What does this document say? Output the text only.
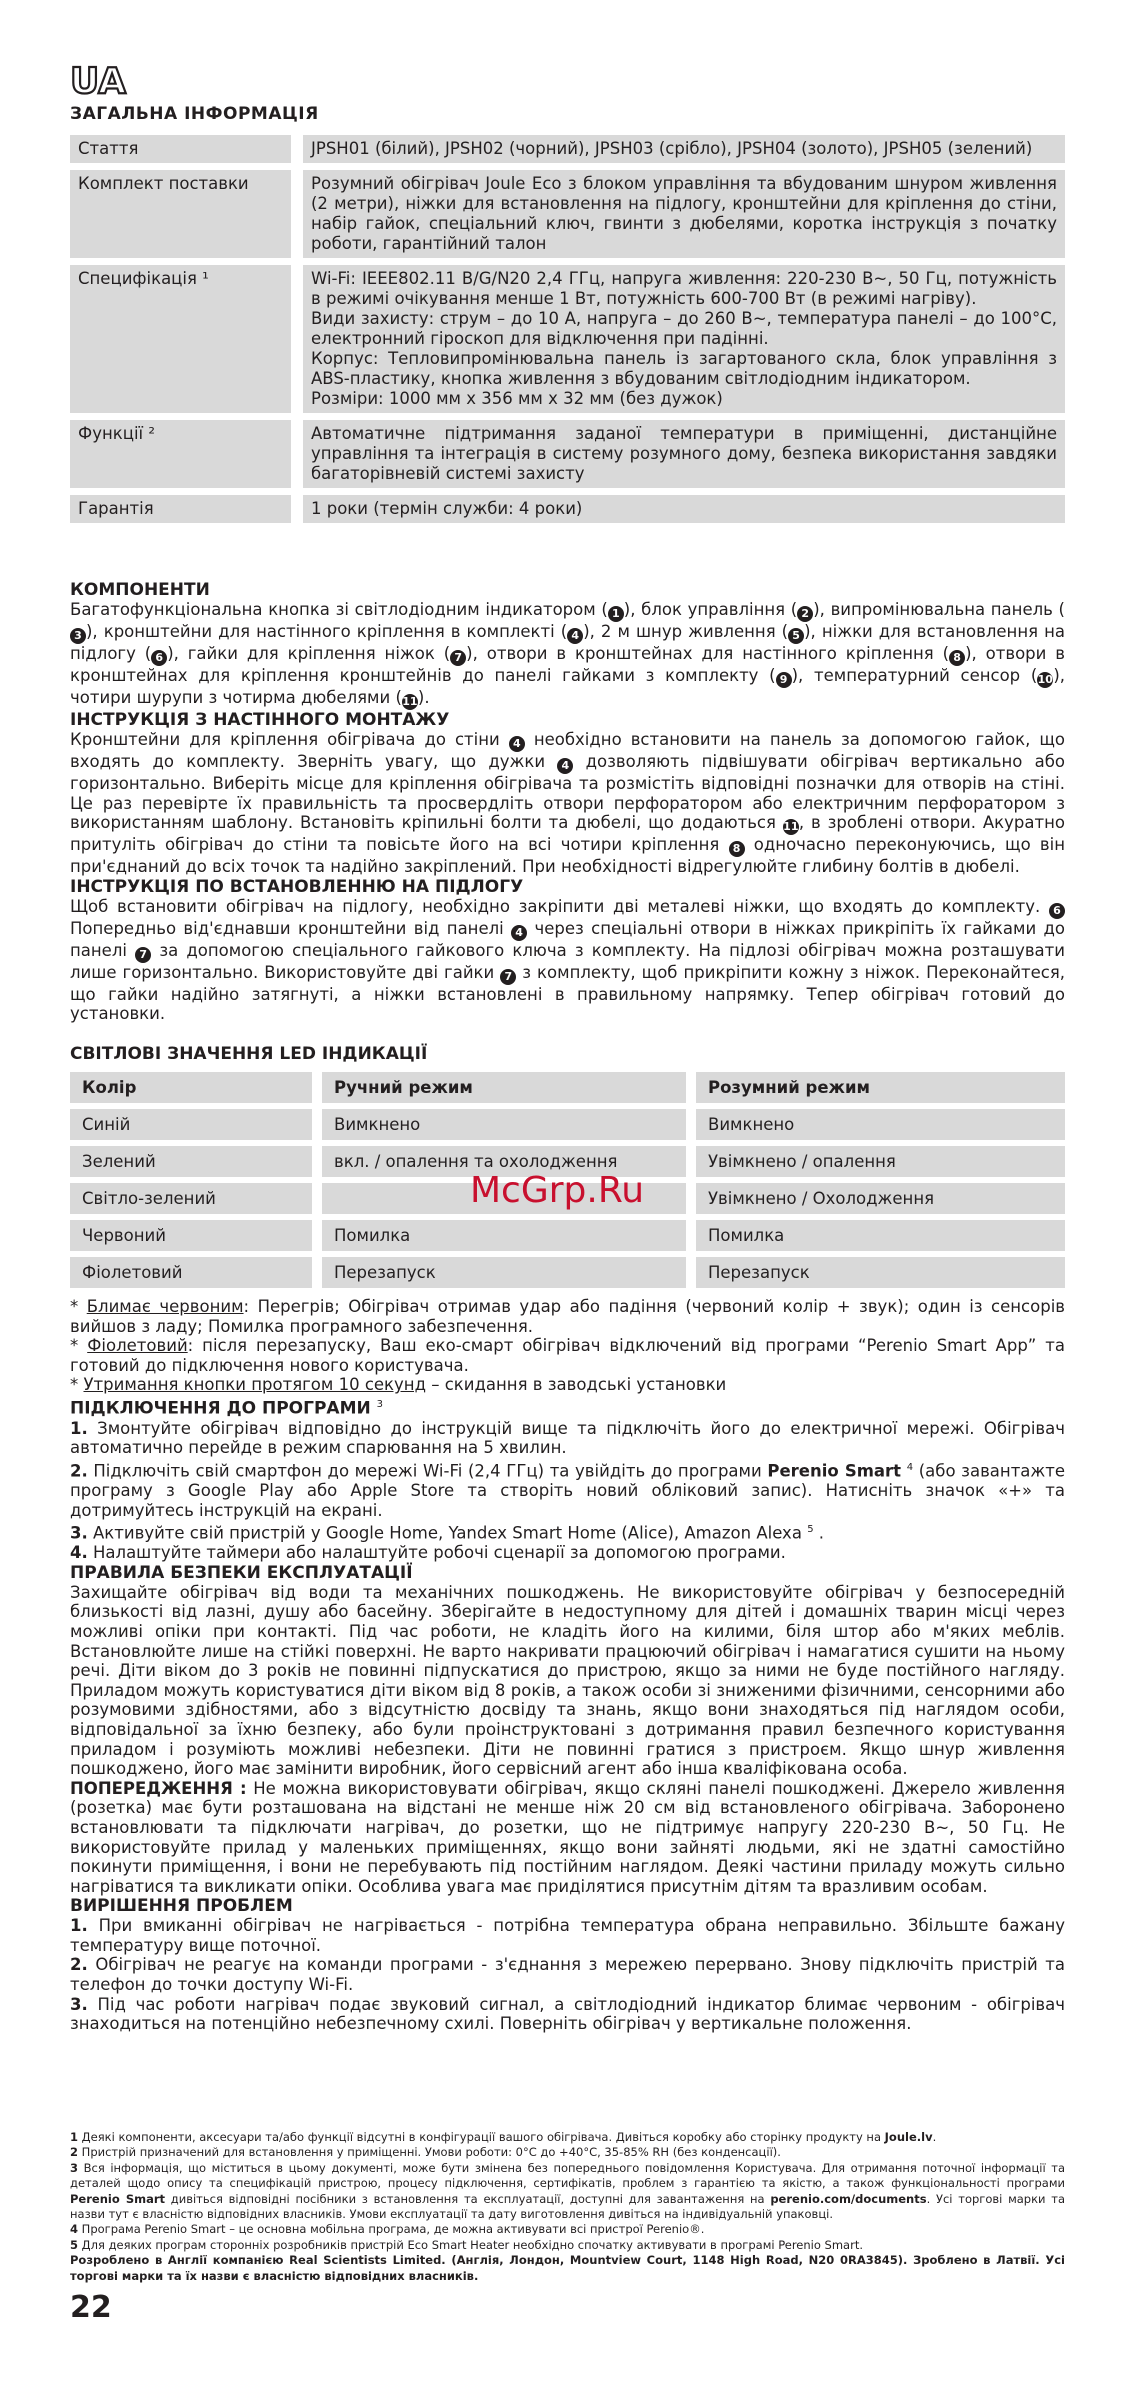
UA
ЗАГАЛЬНА ІНФОРМАЦІЯ
Стаття		JPSH01 (білий), JPSH02 (чорний), JPSH03 (срібло), JPSH04 (золото), JPSH05 (зелений)
Комплект поставки		Розумний обігрівач Joule Eco з блоком управління та вбудованим шнуром живлення (2 метри), ніжки для встановлення на підлогу, кронштейни для кріплення до стіни, набір гайок, спеціальний ключ, гвинти з дюбелями, коротка інструкція з початку роботи, гарантійний талон
Специфікація ¹		Wi-Fi: IEEE802.11 B/G/N20 2,4 ГГц, напруга живлення: 220-230 В~, 50 Гц, потужність в режимі очікування менше 1 Вт, потужність 600-700 Вт (в режимі нагріву).
Види захисту: струм – до 10 А, напруга – до 260 В~, температура панелі – до 100°С, електронний гіроскоп для відключення при падінні.
Корпус: Тепловипромінювальна панель із загартованого скла, блок управління з ABS-пластику, кнопка живлення з вбудованим світлодіодним індикатором.
Розміри: 1000 мм х 356 мм х 32 мм (без дужок)

Функції ²		Автоматичне підтримання заданої температури в приміщенні, дистанційне управління та інтеграція в систему розумного дому, безпека використання завдяки багаторівневій системі захисту
Гарантія		1 роки (термін служби: 4 роки)
КОМПОНЕНТИ

Багатофункціональна кнопка зі світлодіодним індикатором ( 1 ), блок управління ( 2 ), випромінювальна панель (3 ), кронштейни для настінного кріплення в комплекті ( 4 ), 2 м шнур живлення ( 5 ), ніжки для встановлення на підлогу ( 6 ), гайки для кріплення ніжок ( 7 ), отвори в кронштейнах для настінного кріплення ( 8 ), отвори в кронштейнах для кріплення кронштейнів до панелі гайками з комплекту ( 9 ), температурний сенсор (10), чотири шурупи з чотирма дюбелями (11).

ІНСТРУКЦІЯ З НАСТІННОГО МОНТАЖУ

Кронштейни для кріплення обігрівача до стіни 4 необхідно встановити на панель за допомогою гайок, що входять до комплекту. Зверніть увагу, що дужки 4 дозволяють підвішувати обігрівач вертикально або горизонтально. Виберіть місце для кріплення обігрівача та розмістіть відповідні позначки для отворів на стіні. Це раз перевірте їх правильність та просвердліть отвори перфоратором або електричним перфоратором з використанням шаблону. Встановіть кріпильні болти та дюбелі, що додаються 11, в зроблені отвори. Акуратно притуліть обігрівач до стіни та повісьте його на всі чотири кріплення 8 одночасно переконуючись, що він при'єднаний до всіх точок та надійно закріплений. При необхідності відрегулюйте глибину болтів в дюбелі.

ІНСТРУКЦІЯ ПО ВСТАНОВЛЕННЮ НА ПІДЛОГУ

Щоб встановити обігрівач на підлогу, необхідно закріпити дві металеві ніжки, що входять до комплекту. 6 Попередньо від'єднавши кронштейни від панелі 4 через спеціальні отвори в ніжках прикріпіть їх гайками до панелі 7 за допомогою спеціального гайкового ключа з комплекту. На підлозі обігрівач можна розташувати лише горизонтально. Використовуйте дві гайки 7 з комплекту, щоб прикріпити кожну з ніжок. Переконайтеся, що гайки надійно затягнуті, а ніжки встановлені в правильному напрямку. Тепер обігрівач готовий до установки.

СВІТЛОВІ ЗНАЧЕННЯ LED ІНДИКАЦІЇ
Колір		Ручний режим		Розумний режим
Синій		Вимкнено		Вимкнено
Зелений		вкл. / опалення та охолодження		Увімкнено / опалення
Світло-зелений				Увімкнено / Охолодження
Червоний		Помилка		Помилка
Фіолетовий		Перезапуск		Перезапуск
McGrp.Ru

* Блимає червоним: Перегрів; Обігрівач отримав удар або падіння (червоний колір + звук); один із сенсорів вийшов з ладу; Помилка програмного забезпечення.

* Фіолетовий: після перезапуску, Ваш еко-смарт обігрівач відключений від програми “Perenio Smart App” та готовий до підключення нового користувача.

* Утримання кнопки протягом 10 секунд – скидання в заводські установки

ПІДКЛЮЧЕННЯ ДО ПРОГРАМИ $^3$
1. Змонтуйте обігрівач відповідно до інструкцій вище та підключіть його до електричної мережі. Обігрівач автоматично перейде в режим спарювання на 5 хвилин.
2. Підключіть свій смартфон до мережі Wi-Fi (2,4 ГГц) та увійдіть до програми Perenio Smart $^4$ (або завантажте програму з Google Play або Apple Store та створіть новий обліковий запис). Натисніть значок «+» та дотримуйтесь інструкцій на екрані.
3. Активуйте свій пристрій у Google Home, Yandex Smart Home (Alice), Amazon Alexa $^5$ .
4. Налаштуйте таймери або налаштуйте робочі сценарії за допомогою програми.
ПРАВИЛА БЕЗПЕКИ ЕКСПЛУАТАЦІЇ

Захищайте обігрівач від води та механічних пошкоджень. Не використовуйте обігрівач у безпосередній близькості від лазні, душу або басейну. Зберігайте в недоступному для дітей і домашніх тварин місці через можливі опіки при контакті. Під час роботи, не кладіть його на килими, біля штор або м'яких меблів. Встановлюйте лише на стійкі поверхні. Не варто накривати працюючий обігрівач і намагатися сушити на ньому речі. Діти віком до 3 років не повинні підпускатися до пристрою, якщо за ними не буде постійного нагляду. Приладом можуть користуватися діти віком від 8 років, а також особи зі зниженими фізичними, сенсорними або розумовими здібностями, або з відсутністю досвіду та знань, якщо вони знаходяться під наглядом особи, відповідальної за їхню безпеку, або були проінструктовані з дотримання правил безпечного користування приладом і розуміють можливі небезпеки. Діти не повинні гратися з пристроєм. Якщо шнур живлення пошкоджено, його має замінити виробник, його сервісний агент або інша кваліфікована особа.

ПОПЕРЕДЖЕННЯ : Не можна використовувати обігрівач, якщо скляні панелі пошкоджені. Джерело живлення (розетка) має бути розташована на відстані не менше ніж 20 см від встановленого обігрівача. Заборонено встановлювати та підключати нагрівач, до розетки, що не підтримує напругу 220-230 В~, 50 Гц. Не використовуйте прилад у маленьких приміщеннях, якщо вони зайняті людьми, які не здатні самостійно покинути приміщення, і вони не перебувають під постійним наглядом. Деякі частини приладу можуть сильно нагріватися та викликати опіки. Особлива увага має приділятися присутнім дітям та вразливим особам.

ВИРІШЕННЯ ПРОБЛЕМ
1. При вмиканні обігрівач не нагрівається - потрібна температура обрана неправильно. Збільште бажану температуру вище поточної.
2. Обігрівач не реагує на команди програми - з'єднання з мережею перервано. Знову підключіть пристрій та телефон до точки доступу Wi-Fi.
3. Під час роботи нагрівач подає звуковий сигнал, а світлодіодний індикатор блимає червоним - обігрівач знаходиться на потенційно небезпечному схилі. Поверніть обігрівач у вертикальне положення.

1 Деякі компоненти, аксесуари та/або функції відсутні в конфігурації вашого обігрівача. Дивіться коробку або сторінку продукту на Joule.lv.

2 Пристрій призначений для встановлення у приміщенні. Умови роботи: 0°С до +40°С, 35-85% RH (без конденсації).

3 Вся інформація, що міститься в цьому документі, може бути змінена без попереднього повідомлення Користувача. Для отримання поточної інформації та деталей щодо опису та специфікацій пристрою, процесу підключення, сертифікатів, проблем з гарантією та якістю, а також функціональності програми Perenio Smart дивіться відповідні посібники з встановлення та експлуатації, доступні для завантаження на perenio.com/documents. Усі торгові марки та назви тут є власністю відповідних власників. Умови експлуатації та дату виготовлення дивіться на індивідуальній упаковці.

4 Програма Perenio Smart – це основна мобільна програма, де можна активувати всі пристрої Perenio®.

5 Для деяких програм сторонніх розробників пристрій Eco Smart Heater необхідно спочатку активувати в програмі Perenio Smart.

Розроблено в Англії компанією Real Scientists Limited. (Англія, Лондон, Mountview Court, 1148 High Road, N20 0RA3845). Зроблено в Латвії. Усі торгові марки та їх назви є власністю відповідних власників.

22
